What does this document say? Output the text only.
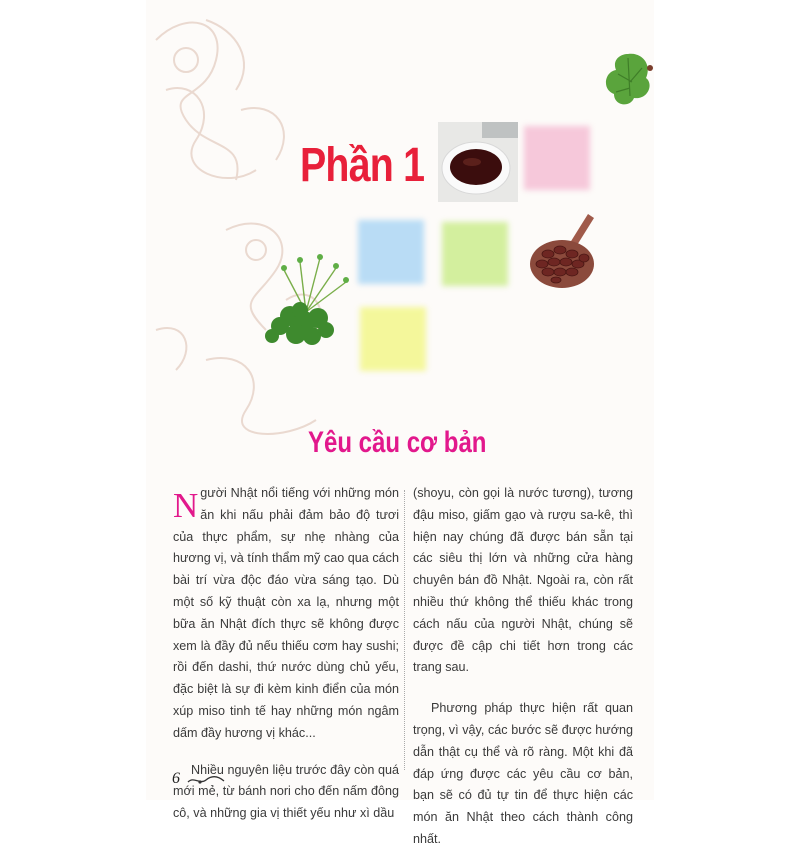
Phần 1
Yêu cầu cơ bản

Người Nhật nổi tiếng với những món ăn khi nấu phải đảm bảo độ tươi của thực phẩm, sự nhẹ nhàng của hương vị, và tính thẩm mỹ cao qua cách bài trí vừa độc đáo vừa sáng tạo. Dù một số kỹ thuật còn xa lạ, nhưng một bữa ăn Nhật đích thực sẽ không được xem là đầy đủ nếu thiếu cơm hay sushi; rồi đến dashi, thứ nước dùng chủ yếu, đặc biệt là sự đi kèm kinh điển của món xúp miso tinh tế hay những món ngâm dấm đầy hương vị khác...

Nhiều nguyên liệu trước đây còn quá mới mẻ, từ bánh nori cho đến nấm đông cô, và những gia vị thiết yếu như xì dầu

(shoyu, còn gọi là nước tương), tương đậu miso, giấm gạo và rượu sa-kê, thì hiện nay chúng đã được bán sẵn tại các siêu thị lớn và những cửa hàng chuyên bán đồ Nhật. Ngoài ra, còn rất nhiều thứ không thể thiếu khác trong cách nấu của người Nhật, chúng sẽ được đề cập chi tiết hơn trong các trang sau.

Phương pháp thực hiện rất quan trọng, vì vậy, các bước sẽ được hướng dẫn thật cụ thể và rõ ràng. Một khi đã đáp ứng được các yêu cầu cơ bản, bạn sẽ có đủ tự tin để thực hiện các món ăn Nhật theo cách thành công nhất.

6
